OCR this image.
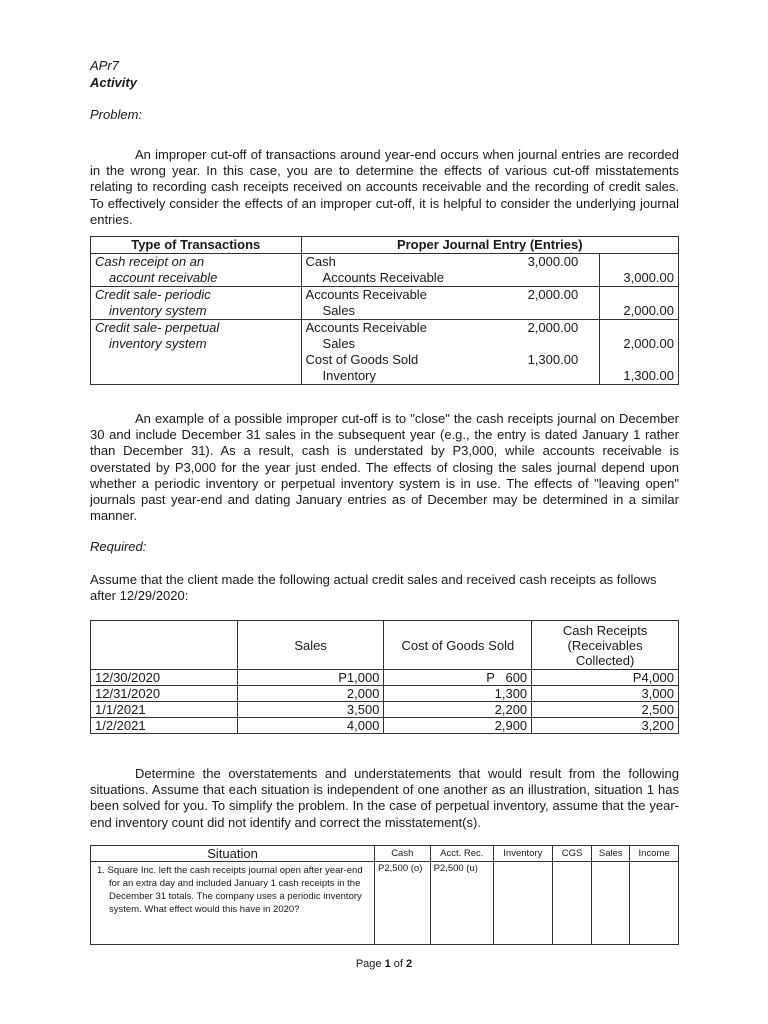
APr7
Activity
Problem:
An improper cut-off of transactions around year-end occurs when journal entries are recorded in the wrong year. In this case, you are to determine the effects of various cut-off misstatements relating to recording cash receipts received on accounts receivable and the recording of credit sales. To effectively consider the effects of an improper cut-off, it is helpful to consider the underlying journal entries.
Type of Transactions	Proper Journal Entry (Entries)		
Cash receipt on an	Cash	3,000.00	
account receivable	Accounts Receivable		3,000.00
Credit sale- periodic	Accounts Receivable	2,000.00	
inventory system	Sales		2,000.00
Credit sale- perpetual	Accounts Receivable	2,000.00	
inventory system	Sales		2,000.00
	Cost of Goods Sold	1,300.00	
	Inventory		1,300.00
An example of a possible improper cut-off is to "close" the cash receipts journal on December 30 and include December 31 sales in the subsequent year (e.g., the entry is dated January 1 rather than December 31). As a result, cash is understated by P3,000, while accounts receivable is overstated by P3,000 for the year just ended. The effects of closing the sales journal depend upon whether a periodic inventory or perpetual inventory system is in use. The effects of "leaving open" journals past year-end and dating January entries as of December may be determined in a similar manner.
Required:
Assume that the client made the following actual credit sales and received cash receipts as follows after 12/29/2020:
	Sales	Cost of Goods Sold	Cash Receipts
(Receivables
Collected)

12/30/2020	P1,000	P   600	P4,000
12/31/2020	2,000	1,300	3,000
1/1/2021	3,500	2,200	2,500
1/2/2021	4,000	2,900	3,200
Determine the overstatements and understatements that would result from the following situations. Assume that each situation is independent of one another as an illustration, situation 1 has been solved for you. To simplify the problem. In the case of perpetual inventory, assume that the year-end inventory count did not identify and correct the misstatement(s).
Situation	Cash	Acct. Rec.	Inventory	CGS	Sales	Income

1. Square Inc. left the cash receipts journal open after year-end for an extra day and included January 1 cash receipts in the December 31 totals. The company uses a periodic inventory system. What effect would this have in 2020?	P2,500 (o)	P2,500 (u)				
Page 1 of 2
